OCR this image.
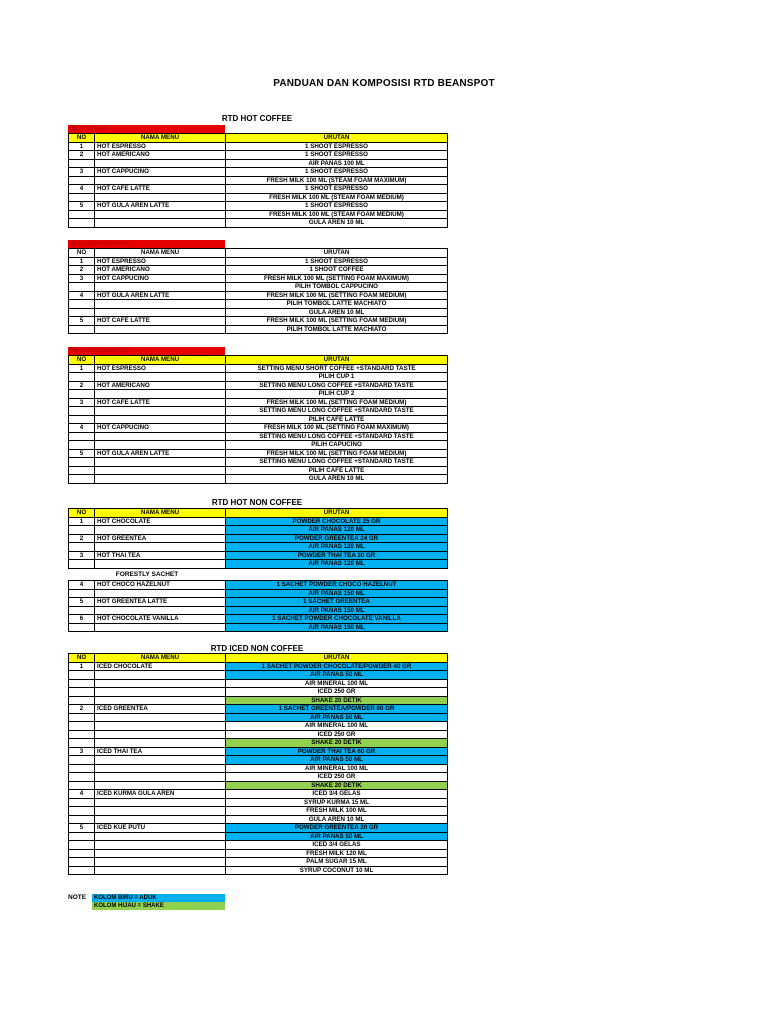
PANDUAN DAN KOMPOSISI RTD BEANSPOT
RTD HOT COFFEE
MESIN FAEMA
NO	NAMA MENU	URUTAN
1	HOT ESPRESSO	1 SHOOT ESPRESSO
2	HOT AMERICANO	1 SHOOT ESPRESSO
		AIR PANAS 100 ML
3	HOT CAPPUCINO	1 SHOOT ESPRESSO
		FRESH MILK 100 ML (STEAM FOAM MAXIMUM)
4	HOT CAFE LATTE	1 SHOOT ESPRESSO
		FRESH MILK 100 ML (STEAM FOAM MEDIUM)
5	HOT GULA AREN LATTE	1 SHOOT ESPRESSO
		FRESH MILK 100 ML (STEAM FOAM MEDIUM)
		GULA AREN 10 ML
MESIN DELONGHI EVO
NO	NAMA MENU	URUTAN
1	HOT ESPRESSO	1 SHOOT ESPRESSO
2	HOT AMERICANO	1 SHOOT COFFEE
3	HOT CAPPUCINO	FRESH MILK 100 ML (SETTING FOAM MAXIMUM)
		PILIH TOMBOL CAPPUCINO
4	HOT GULA AREN LATTE	FRESH MILK 100 ML (SETTING FOAM MEDIUM)
		PILIH TOMBOL LATTE MACHIATO
		GULA AREN 10 ML
5	HOT CAFE LATTE	FRESH MILK 100 ML (SETTING FOAM MEDIUM)
		PILIH TOMBOL LATTE MACHIATO
MESIN DELONGHI TOP
NO	NAMA MENU	URUTAN
1	HOT ESPRESSO	SETTING MENU SHORT COFFEE +STANDARD TASTE
		PILIH CUP 1
2	HOT AMERICANO	SETTING MENU LONG COFFEE +STANDARD TASTE
		PILIH CUP 2
3	HOT CAFE LATTE	FRESH MILK 100 ML (SETTING FOAM MEDIUM)
		SETTING MENU LONG COFFEE +STANDARD TASTE
		PILIH CAFE LATTE
4	HOT CAPPUCINO	FRESH MILK 100 ML (SETTING FOAM MAXIMUM)
		SETTING MENU LONG COFFEE +STANDARD TASTE
		PILIH CAPUCINO
5	HOT GULA AREN LATTE	FRESH MILK 100 ML (SETTING FOAM MEDIUM)
		SETTING MENU LONG COFFEE +STANDARD TASTE
		PILIH CAFE LATTE
		GULA AREN 10 ML
RTD HOT NON COFFEE
NO	NAMA MENU	URUTAN
1	HOT CHOCOLATE	POWDER CHOCOLATE 25 GR
		AIR PANAS 120 ML
2	HOT GREENTEA	POWDER GREENTEA 24 GR
		AIR PANAS 120 ML
3	HOT THAI TEA	POWDER THAI TEA 30 GR
		AIR PANAS 120 ML
FORESTLY SACHET
4	HOT CHOCO HAZELNUT	1 SACHET POWDER CHOCO HAZELNUT
		AIR PANAS 150 ML
5	HOT GREENTEA LATTE	1 SACHET GREENTEA
		AIR PANAS 150 ML
6	HOT CHOCOLATE VANILLA	1 SACHET POWDER CHOCOLATE VANILLA
		AIR PANAS 150 ML
RTD ICED NON COFFEE
NO	NAMA MENU	URUTAN
1	ICED CHOCOLATE	1 SACHET POWDER CHOCOLATE/POWDER 40 GR
		AIR PANAS 50 ML
		AIR MINERAL 100 ML
		ICED 250 GR
		SHAKE 20 DETIK
2	ICED GREENTEA	1 SACHET GREENTEA/POWDER 80 GR
		AIR PANAS 50 ML
		AIR MINERAL 100 ML
		ICED 250 GR
		SHAKE 20 DETIK
3	ICED THAI TEA	POWDER THAI TEA 60 GR
		AIR PANAS 50 ML
		AIR MINERAL 100 ML
		ICED 250 GR
		SHAKE 20 DETIK
4	ICED KURMA GULA AREN	ICED 3/4 GELAS
		SYRUP KURMA 15 ML
		FRESH MILK 100 ML
		GULA AREN 10 ML
5	ICED KUE PUTU	POWDER GREENTEA 20 GR
		AIR PANAS 50 ML
		ICED 3/4 GELAS
		FRESH MILK 120 ML
		PALM SUGAR 15 ML
		SYRUP COCONUT 10 ML
NOTE	KOLOM BIRU = ADUK
KOLOM HIJAU = SHAKE
